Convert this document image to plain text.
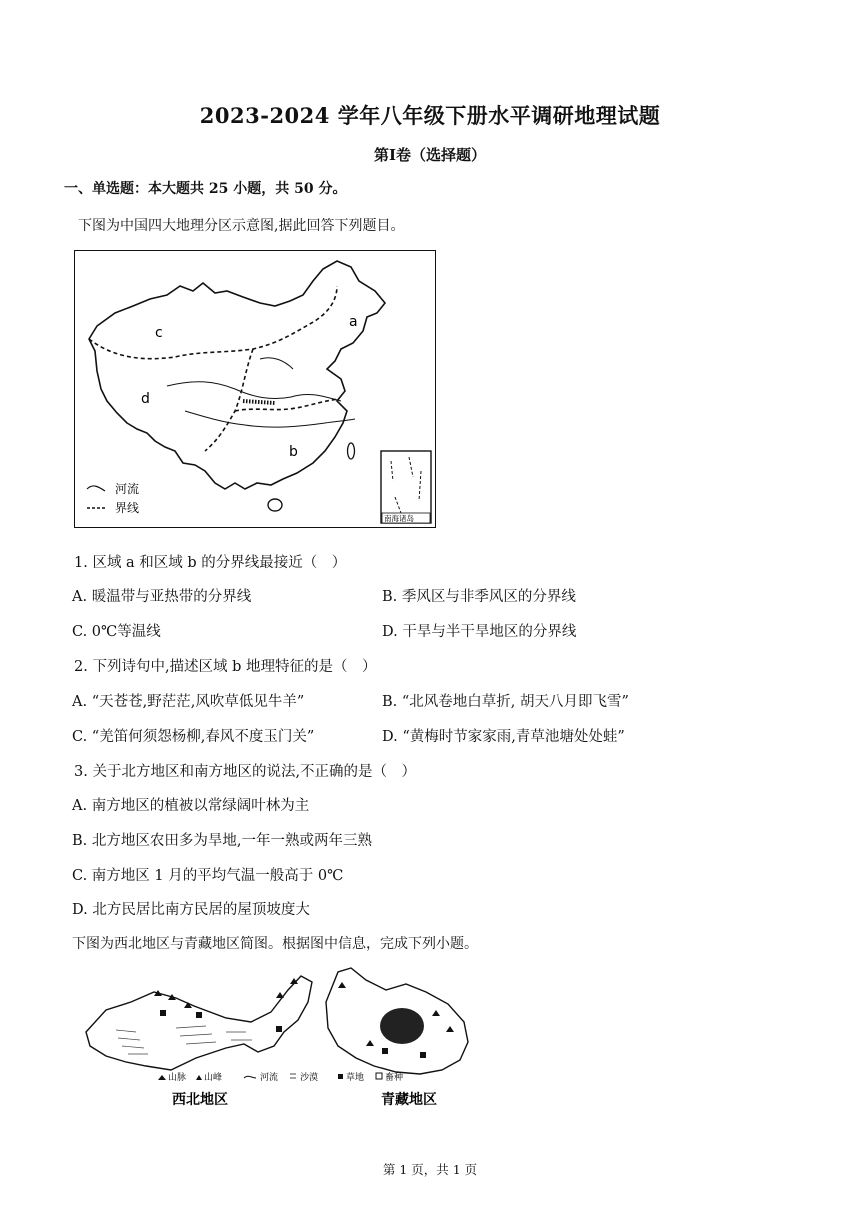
2023-2024 学年八年级下册水平调研地理试题
第Ⅰ卷（选择题）
一、单选题：本大题共 25 小题，共 50 分。
下图为中国四大地理分区示意图,据此回答下列题目。
a
b
c
d
河流
界线
南海诸岛
1. 区域 a 和区域 b 的分界线最接近（　）
A. 暖温带与亚热带的分界线	B. 季风区与非季风区的分界线
C. 0℃等温线	D. 干旱与半干旱地区的分界线
2. 下列诗句中,描述区域 b 地理特征的是（　）
A. “天苍苍,野茫茫,风吹草低见牛羊”	B. “北风卷地白草折, 胡天八月即飞雪”
C. “羌笛何须怨杨柳,春风不度玉门关”	D. “黄梅时节家家雨,青草池塘处处蛙”
3. 关于北方地区和南方地区的说法,不正确的是（　）
A. 南方地区的植被以常绿阔叶林为主
B. 北方地区农田多为旱地,一年一熟或两年三熟
C. 南方地区 1 月的平均气温一般高于 0℃
D. 北方民居比南方民居的屋顶坡度大
下图为西北地区与青藏地区简图。根据图中信息，完成下列小题。
山脉 山峰	河流 沙漠	草地 畜种
西北地区	青藏地区
第 1 页，共 1 页
